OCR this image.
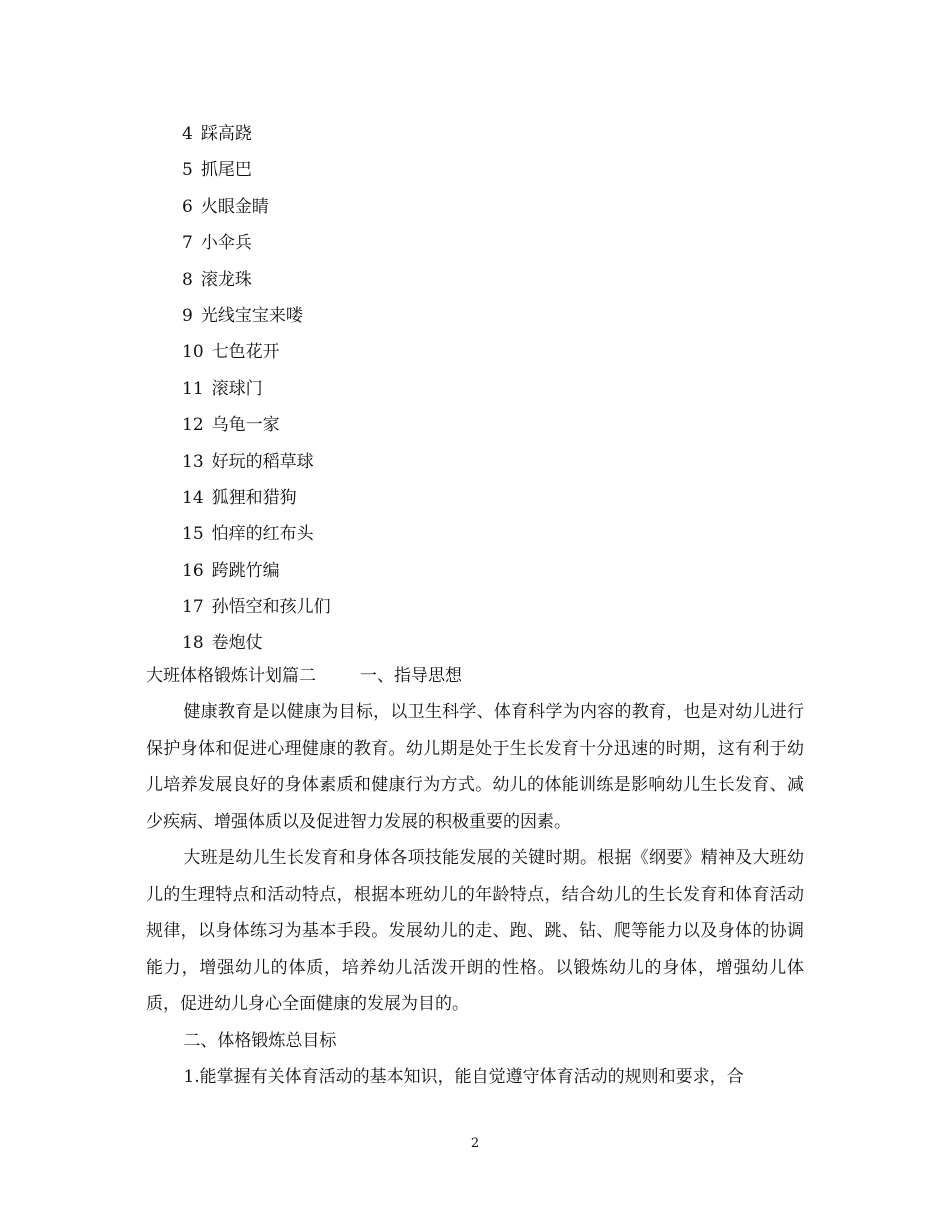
4 踩高跷
5 抓尾巴
6 火眼金睛
7 小伞兵
8 滚龙珠
9 光线宝宝来喽
10 七色花开
11 滚球门
12 乌龟一家
13 好玩的稻草球
14 狐狸和猎狗
15 怕痒的红布头
16 跨跳竹编
17 孙悟空和孩儿们
18 卷炮仗
大班体格锻炼计划篇二	一、指导思想

健康教育是以健康为目标，以卫生科学、体育科学为内容的教育，也是对幼儿进行保护身体和促进心理健康的教育。幼儿期是处于生长发育十分迅速的时期，这有利于幼儿培养发展良好的身体素质和健康行为方式。幼儿的体能训练是影响幼儿生长发育、减少疾病、增强体质以及促进智力发展的积极重要的因素。

大班是幼儿生长发育和身体各项技能发展的关键时期。根据《纲要》精神及大班幼儿的生理特点和活动特点，根据本班幼儿的年龄特点，结合幼儿的生长发育和体育活动规律，以身体练习为基本手段。发展幼儿的走、跑、跳、钻、爬等能力以及身体的协调能力，增强幼儿的体质，培养幼儿活泼开朗的性格。以锻炼幼儿的身体，增强幼儿体质，促进幼儿身心全面健康的发展为目的。

二、体格锻炼总目标

1.能掌握有关体育活动的基本知识，能自觉遵守体育活动的规则和要求，合

2
